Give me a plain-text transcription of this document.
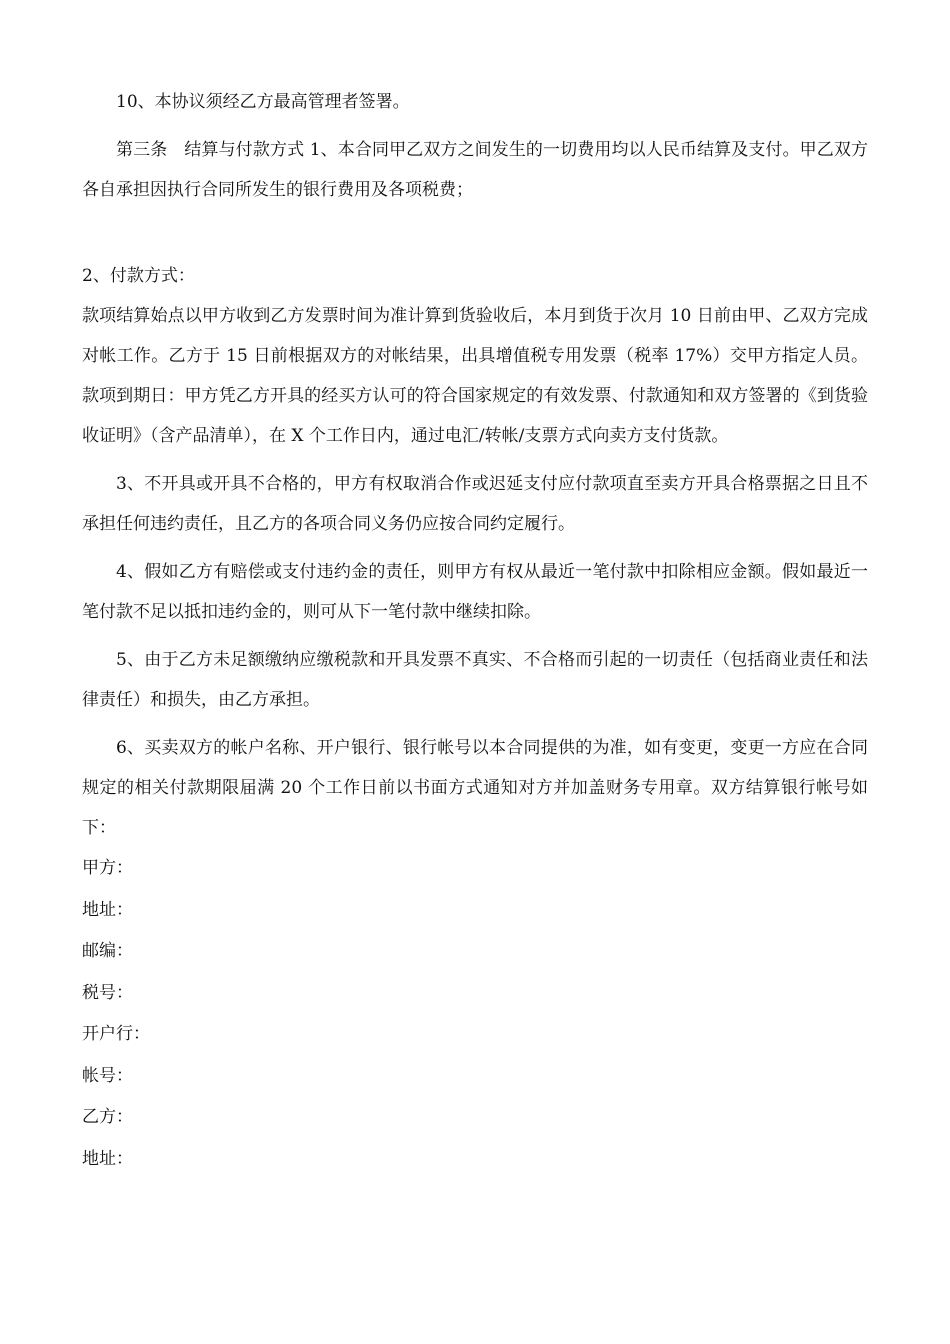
10、本协议须经乙方最高管理者签署。

第三条　结算与付款方式 1、本合同甲乙双方之间发生的一切费用均以人民币结算及支付。甲乙双方各自承担因执行合同所发生的银行费用及各项税费；

2、付款方式：

款项结算始点以甲方收到乙方发票时间为准计算到货验收后，本月到货于次月 10 日前由甲、乙双方完成对帐工作。乙方于 15 日前根据双方的对帐结果，出具增值税专用发票（税率 17%）交甲方指定人员。款项到期日：甲方凭乙方开具的经买方认可的符合国家规定的有效发票、付款通知和双方签署的《到货验收证明》（含产品清单），在 X 个工作日内，通过电汇/转帐/支票方式向卖方支付货款。

3、不开具或开具不合格的，甲方有权取消合作或迟延支付应付款项直至卖方开具合格票据之日且不承担任何违约责任，且乙方的各项合同义务仍应按合同约定履行。

4、假如乙方有赔偿或支付违约金的责任，则甲方有权从最近一笔付款中扣除相应金额。假如最近一笔付款不足以抵扣违约金的，则可从下一笔付款中继续扣除。

5、由于乙方未足额缴纳应缴税款和开具发票不真实、不合格而引起的一切责任（包括商业责任和法律责任）和损失，由乙方承担。

6、买卖双方的帐户名称、开户银行、银行帐号以本合同提供的为准，如有变更，变更一方应在合同规定的相关付款期限届满 20 个工作日前以书面方式通知对方并加盖财务专用章。双方结算银行帐号如下：

甲方：

地址：

邮编：

税号：

开户行：

帐号：

乙方：

地址：
